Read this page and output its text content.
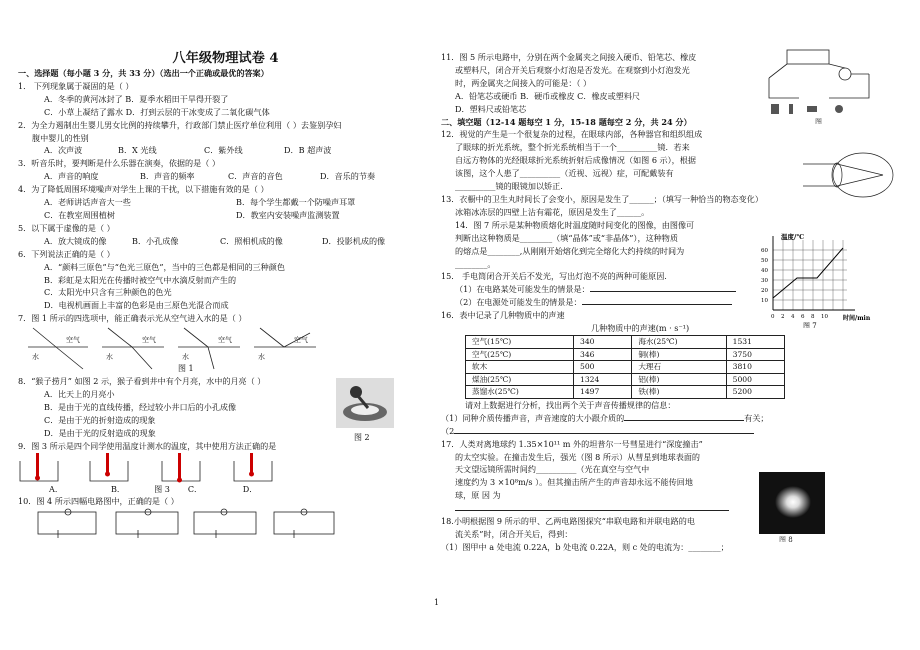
八年级物理试卷 4
一、选择题（每小题 3 分，共 33 分）（选出一个正确或最优的答案）
1． 下列现象属于凝固的是（ ）
A．冬季的黄河冰封了 B．夏季水稻田干旱得开裂了
C．小草上凝结了露水 D．打到云层的干冰变成了二氧化碳气体
2．为全力遏制出生婴儿男女比例的持续攀升，行政部门禁止医疗单位利用（ ）去鉴别孕妇
腹中婴儿的性别
A．次声波	B．X 光线	C．紫外线	D．B 超声波
3．听音乐时，要判断是什么乐器在演奏，依据的是（ ）
A．声音的响度	B．声音的频率	C．声音的音色	D．音乐的节奏
4．为了降低周围环境噪声对学生上课的干扰，以下措施有效的是（ ）
A．老师讲话声音大一些	B．每个学生都戴一个防噪声耳罩
C．在教室周围植树	D．教室内安装噪声监测装置
5．以下属于虚像的是（ ）
A．放大镜成的像	B．小孔成像	C．照相机成的像	D．投影机成的像
6．下列说法正确的是（ ）
A．“颜料三原色”与“色光三原色”，当中的三色都是相同的三种颜色
B．彩虹是太阳光在传播时被空气中水滴反射而产生的
C．太阳光中只含有三种颜色的色光
D．电视机画面上丰富的色彩是由三原色光混合而成
7．图 1 所示的四选项中，能正确表示光从空气进入水的是（ ）
空气
水
空气
水
空气
水
空气
水
图 1
8．“猴子捞月” 如图 2 示，猴子看到井中有个月亮，水中的月亮（ ）
A．比天上的月亮小
B．是由于光的直线传播，经过较小井口后的小孔成像
C．是由于光的折射造成的现象
D．是由于光的反射造成的现象	图 2
9．图 3 所示是四个同学使用温度计测水的温度，其中使用方法正确的是
A．	B．	图 3	C．	D．
10．图 4 所示四幅电路图中，正确的是（ ）
11．图 5 所示电路中，分别在两个金属夹之间接入硬币、铅笔芯、橡皮
或塑料尺，闭合开关后观察小灯泡是否发光。在观察到小灯泡发光
时，两金属夹之间接入的可能是：（ ）
A．铅笔芯或硬币 B．硬币或橡皮 C．橡皮或塑料尺
D．塑料尺或铅笔芯
图
二、填空题（12-14 题每空 1 分，15-18 题每空 2 分，共 24 分）
12．视觉的产生是一个很复杂的过程，在眼球内部，各种器官和组织组成
了眼球的折光系统，整个折光系统相当于一个__________镜．若来
自远方物体的光经眼球折光系统折射后成像情况（如图 6 示），根据
该图，这个人患了__________（近视、远视）症，可配戴装有
__________镜的眼镜加以矫正.
13．衣橱中的卫生丸时间长了会变小，原因是发生了______；（填写一种恰当的物态变化）
冰箱冰冻层的四壁上沾有霜花，原因是发生了______。
14．图 7 所示是某种物质熔化时温度随时间变化的图像，由图像可
判断出这种物质是________（填“晶体”或“非晶体”），这种物质
的熔点是________,从刚刚开始熔化到完全熔化大约持续的时间为
________。
温度/℃
时间/min
0 2 4 6 8 10
10
20
30
40
50
60
图 7
15． 手电筒闭合开关后不发光，写出灯泡不亮的两种可能原因.
（1）在电路某处可能发生的情景是：
（2）在电源处可能发生的情景是：
16．表中记录了几种物质中的声速
几种物质中的声速(m · s⁻¹)
空气(15℃)	340	海水(25℃)	1531
空气(25℃)	346	铜(棒)	3750
软木	500	大理石	3810
煤油(25℃)	1324	铝(棒)	5000
蒸馏水(25℃)	1497	铁(棒)	5200
请对上数据进行分析，找出两个关于声音传播规律的信息：
（1）同种介质传播声音，声音速度的大小跟介质的	有关；
（2
17．人类对离地球约 1.35×10¹¹ m 外的坦普尔一号彗星进行“深度撞击”
的太空实验。在撞击发生后，强光（图 8 所示）从彗星到地球表面的
天文望远镜所需时间约__________（光在真空与空气中
速度约为 3 ×10⁸m/s ）。但其撞击所产生的声音却永远不能传回地
球，原 因 为
图 8
18.小明根据图 9 所示的甲、乙两电路图探究“串联电路和并联电路的电
流关系”时，闭合开关后，得到：
（1）图甲中 a 处电流 0.22A，b 处电流 0.22A，则 c 处的电流为：________；
1
